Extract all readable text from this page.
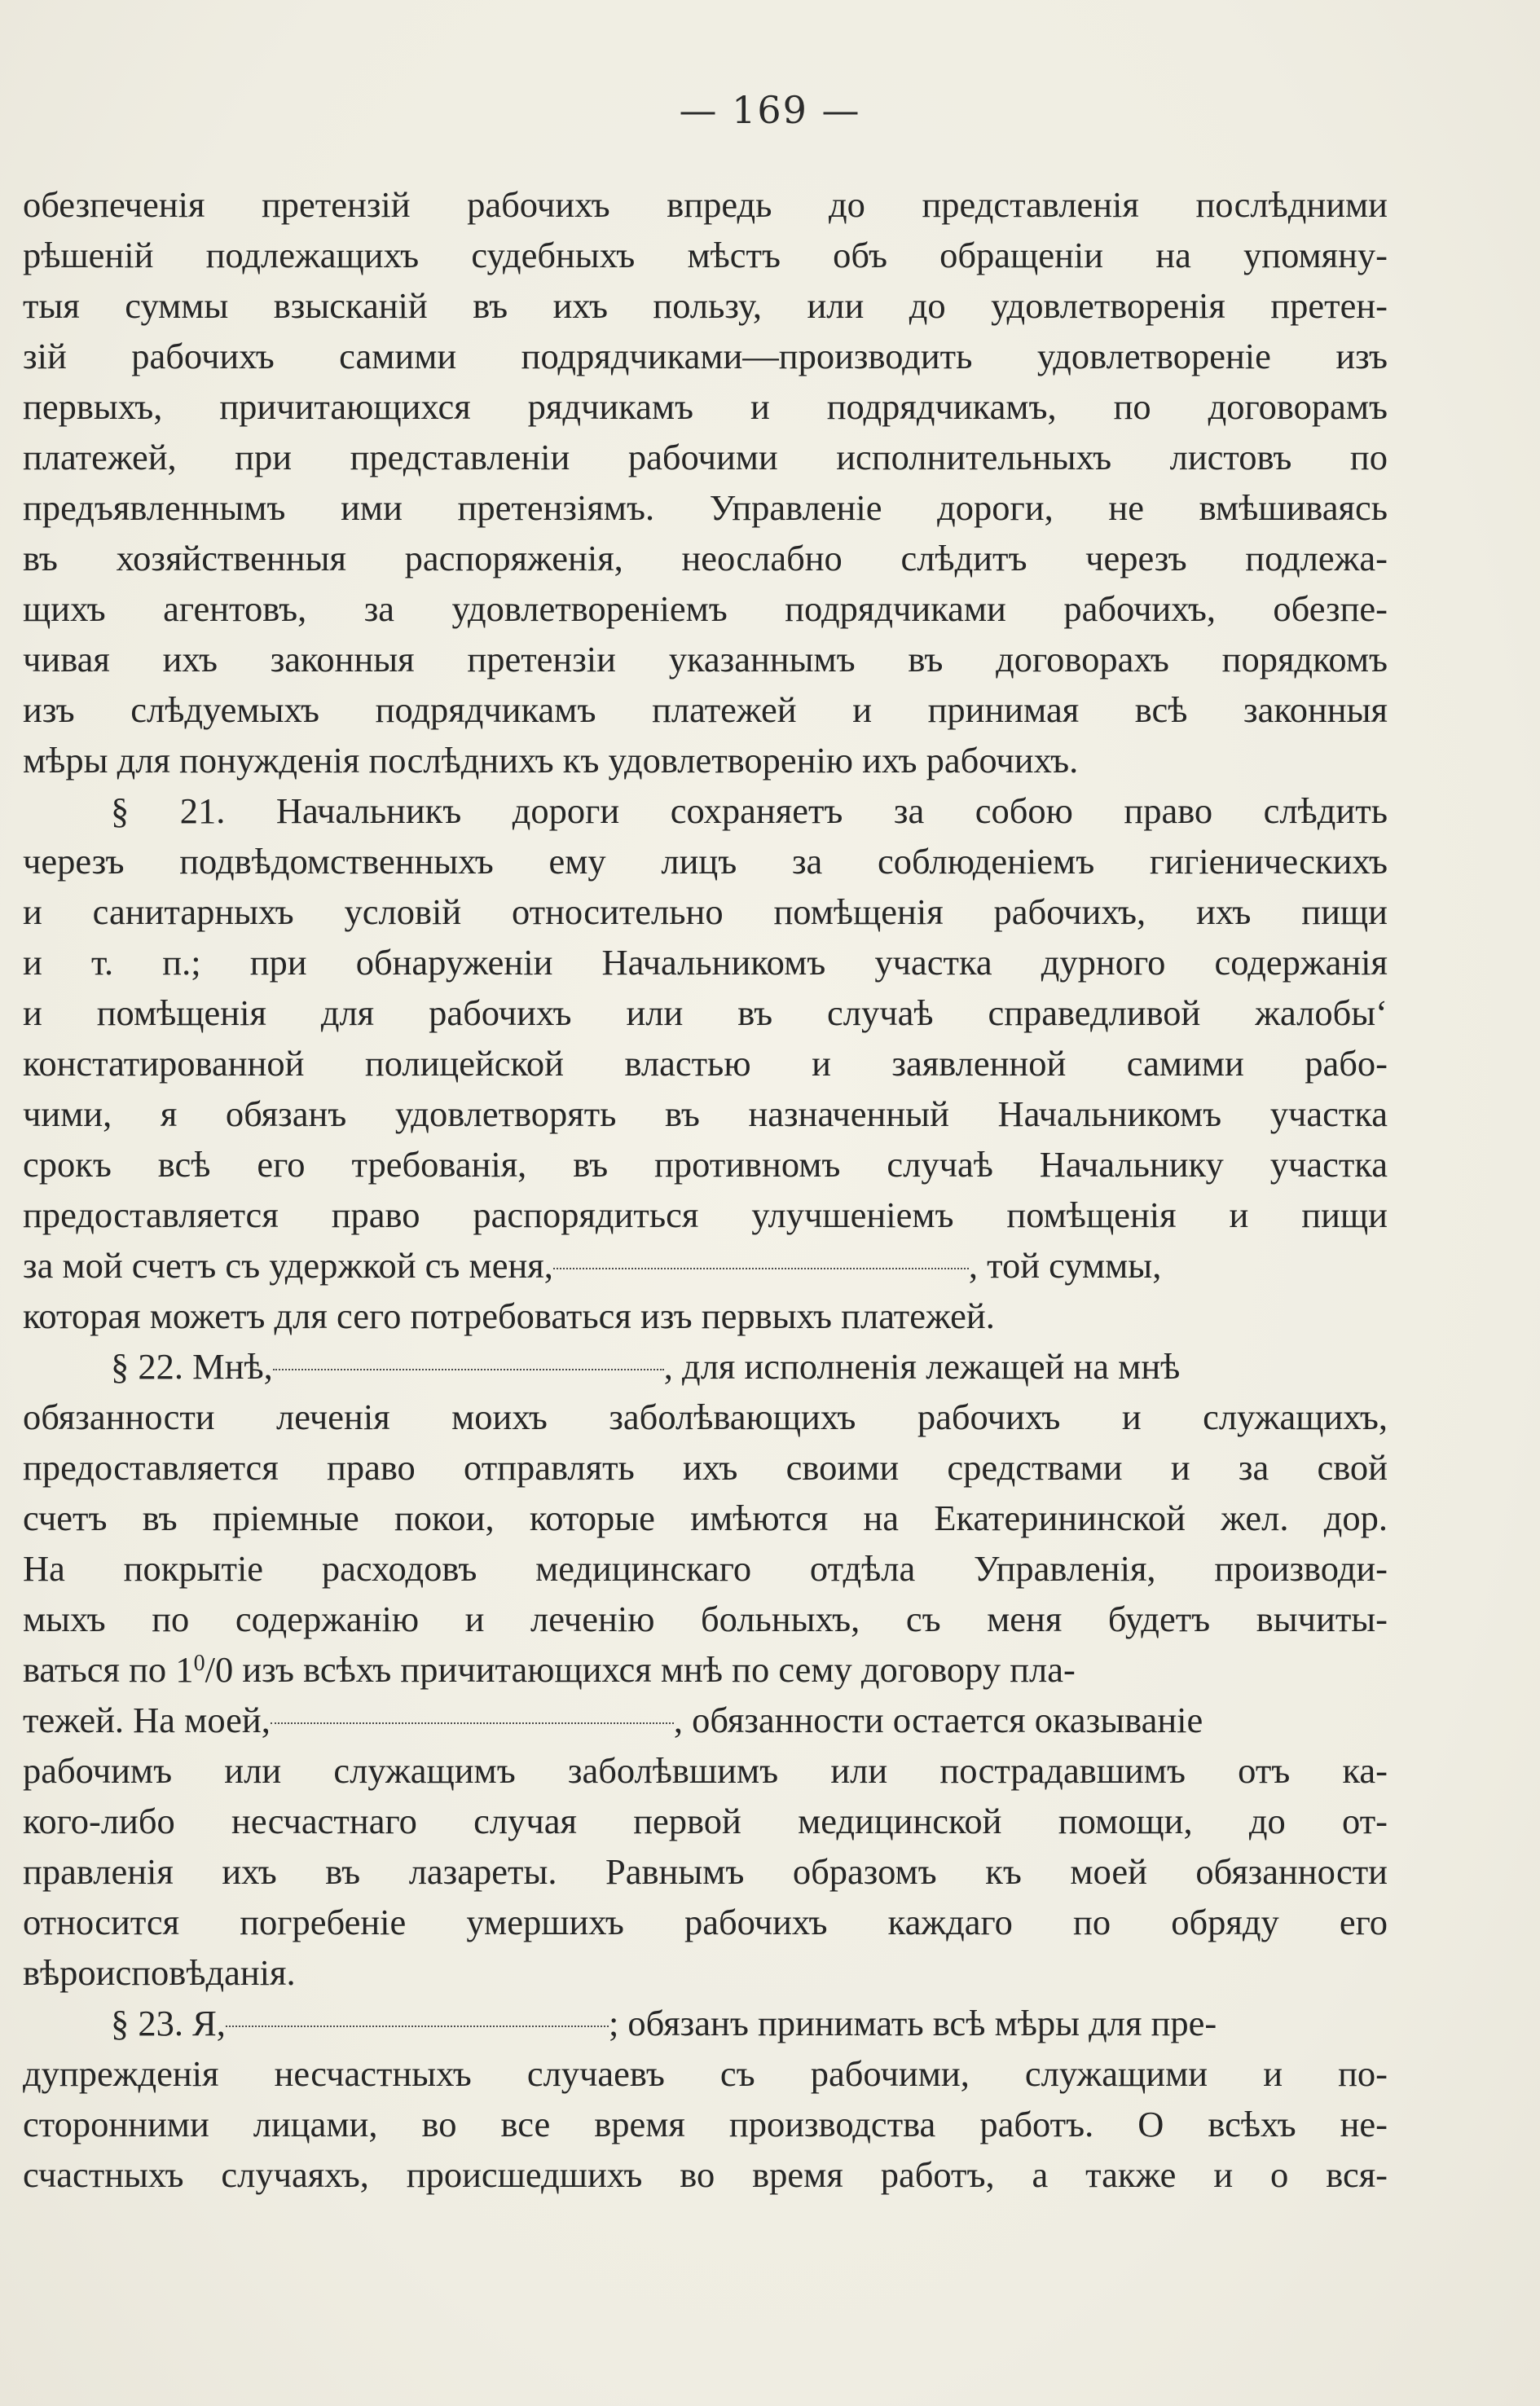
— 169 —
обезпеченія претензій рабочихъ впредь до представленія послѣдними
рѣшеній подлежащихъ судебныхъ мѣстъ объ обращеніи на упомяну-
тыя суммы взысканій въ ихъ пользу, или до удовлетворенія претен-
зій рабочихъ самими подрядчиками—производить удовлетвореніе изъ
первыхъ, причитающихся рядчикамъ и подрядчикамъ, по договорамъ
платежей, при представленіи рабочими исполнительныхъ листовъ по
предъявленнымъ ими претензіямъ. Управленіе дороги, не вмѣшиваясь
въ хозяйственныя распоряженія, неослабно слѣдитъ черезъ подлежа-
щихъ агентовъ, за удовлетвореніемъ подрядчиками рабочихъ, обезпе-
чивая ихъ законныя претензіи указаннымъ въ договорахъ порядкомъ
изъ слѣдуемыхъ подрядчикамъ платежей и принимая всѣ законныя
мѣры для понужденія послѣднихъ къ удовлетворенію ихъ рабочихъ.
§ 21. Начальникъ дороги сохраняетъ за собою право слѣдить
черезъ подвѣдомственныхъ ему лицъ за соблюденіемъ гигіеническихъ
и санитарныхъ условій относительно помѣщенія рабочихъ, ихъ пищи
и т. п.; при обнаруженіи Начальникомъ участка дурного содержанія
и помѣщенія для рабочихъ или въ случаѣ справедливой жалобы‘
констатированной полицейской властью и заявленной самими рабо-
чими, я обязанъ удовлетворять въ назначенный Начальникомъ участка
срокъ всѣ его требованія, въ противномъ случаѣ Начальнику участка
предоставляется право распорядиться улучшеніемъ помѣщенія и пищи
за мой счетъ съ удержкой съ меня,	, той суммы,
которая можетъ для сего потребоваться изъ первыхъ платежей.
§ 22. Мнѣ,	, для исполненія лежащей на мнѣ
обязанности леченія моихъ заболѣвающихъ рабочихъ и служащихъ,
предоставляется право отправлять ихъ своими средствами и за свой
счетъ въ пріемные покои, которые имѣются на Екатерининской жел. дор.
На покрытіе расходовъ медицинскаго отдѣла Управленія, производи-
мыхъ по содержанію и леченію больныхъ, съ меня будетъ вычиты-
ваться по $1^0/0$ изъ всѣхъ причитающихся мнѣ по сему договору пла-
тежей. На моей,	, обязанности остается оказываніе
рабочимъ или служащимъ заболѣвшимъ или пострадавшимъ отъ ка-
кого-либо несчастнаго случая первой медицинской помощи, до от-
правленія ихъ въ лазареты. Равнымъ образомъ къ моей обязанности
относится погребеніе умершихъ рабочихъ каждаго по обряду его
вѣроисповѣданія.
§ 23. Я,	; обязанъ принимать всѣ мѣры для пре-
дупрежденія несчастныхъ случаевъ съ рабочими, служащими и по-
сторонними лицами, во все время производства работъ. О всѣхъ не-
счастныхъ случаяхъ, происшедшихъ во время работъ, а также и о вся-
